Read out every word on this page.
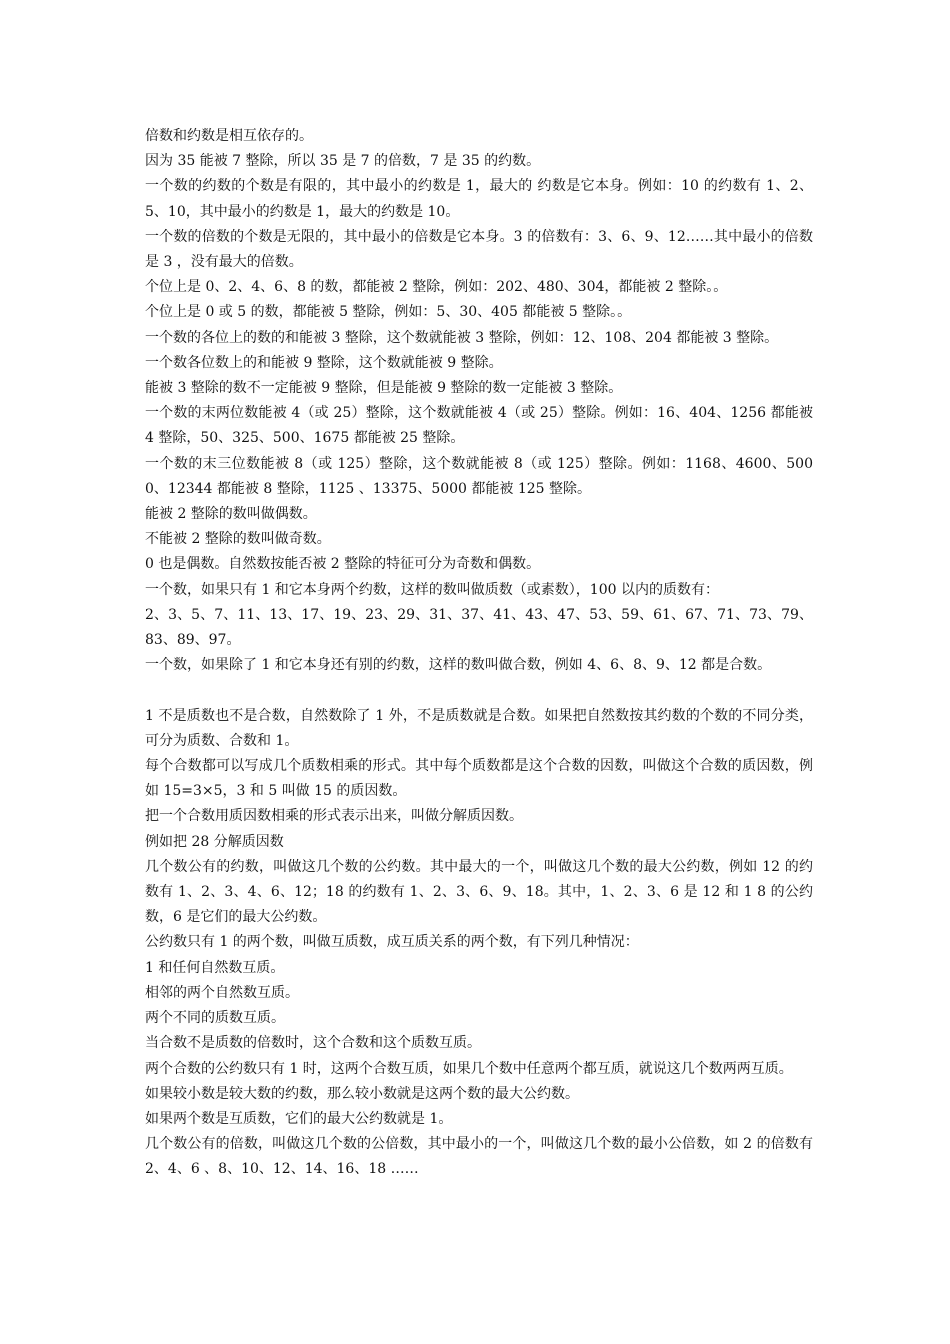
倍数和约数是相互依存的。

因为 35 能被 7 整除，所以 35 是 7 的倍数，7 是 35 的约数。

一个数的约数的个数是有限的，其中最小的约数是 1，最大的 约数是它本身。例如：10 的约数有 1、2、5、10，其中最小的约数是 1，最大的约数是 10。

一个数的倍数的个数是无限的，其中最小的倍数是它本身。3 的倍数有：3、6、9、12……其中最小的倍数是 3 ，没有最大的倍数。

个位上是 0、2、4、6、8 的数，都能被 2 整除，例如：202、480、304，都能被 2 整除。。

个位上是 0 或 5 的数，都能被 5 整除，例如：5、30、405 都能被 5 整除。。

一个数的各位上的数的和能被 3 整除，这个数就能被 3 整除，例如：12、108、204 都能被 3 整除。

一个数各位数上的和能被 9 整除，这个数就能被 9 整除。

能被 3 整除的数不一定能被 9 整除，但是能被 9 整除的数一定能被 3 整除。

一个数的末两位数能被 4（或 25）整除，这个数就能被 4（或 25）整除。例如：16、404、1256 都能被 4 整除，50、325、500、1675 都能被 25 整除。

一个数的末三位数能被 8（或 125）整除，这个数就能被 8（或 125）整除。例如：1168、4600、5000、12344 都能被 8 整除，1125 、13375、5000 都能被 125 整除。

能被 2 整除的数叫做偶数。

不能被 2 整除的数叫做奇数。

0 也是偶数。自然数按能否被 2 整除的特征可分为奇数和偶数。

一个数，如果只有 1 和它本身两个约数，这样的数叫做质数（或素数），100 以内的质数有：

2、3、5、7、11、13、17、19、23、29、31、37、41、43、47、53、59、61、67、71、73、79、83、89、97。

一个数，如果除了 1 和它本身还有别的约数，这样的数叫做合数，例如 4、6、8、9、12 都是合数。

1 不是质数也不是合数，自然数除了 1 外，不是质数就是合数。如果把自然数按其约数的个数的不同分类，可分为质数、合数和 1。

每个合数都可以写成几个质数相乘的形式。其中每个质数都是这个合数的因数，叫做这个合数的质因数，例如 15=3×5，3 和 5 叫做 15 的质因数。

把一个合数用质因数相乘的形式表示出来，叫做分解质因数。

例如把 28 分解质因数

几个数公有的约数，叫做这几个数的公约数。其中最大的一个，叫做这几个数的最大公约数，例如 12 的约数有 1、2、3、4、6、12；18 的约数有 1、2、3、6、9、18。其中，1、2、3、6 是 12 和 1 8 的公约数，6 是它们的最大公约数。

公约数只有 1 的两个数，叫做互质数，成互质关系的两个数，有下列几种情况：

1 和任何自然数互质。

相邻的两个自然数互质。

两个不同的质数互质。

当合数不是质数的倍数时，这个合数和这个质数互质。

两个合数的公约数只有 1 时，这两个合数互质，如果几个数中任意两个都互质，就说这几个数两两互质。

如果较小数是较大数的约数，那么较小数就是这两个数的最大公约数。

如果两个数是互质数，它们的最大公约数就是 1。

几个数公有的倍数，叫做这几个数的公倍数，其中最小的一个，叫做这几个数的最小公倍数，如 2 的倍数有 2、4、6 、8、10、12、14、16、18 ……
